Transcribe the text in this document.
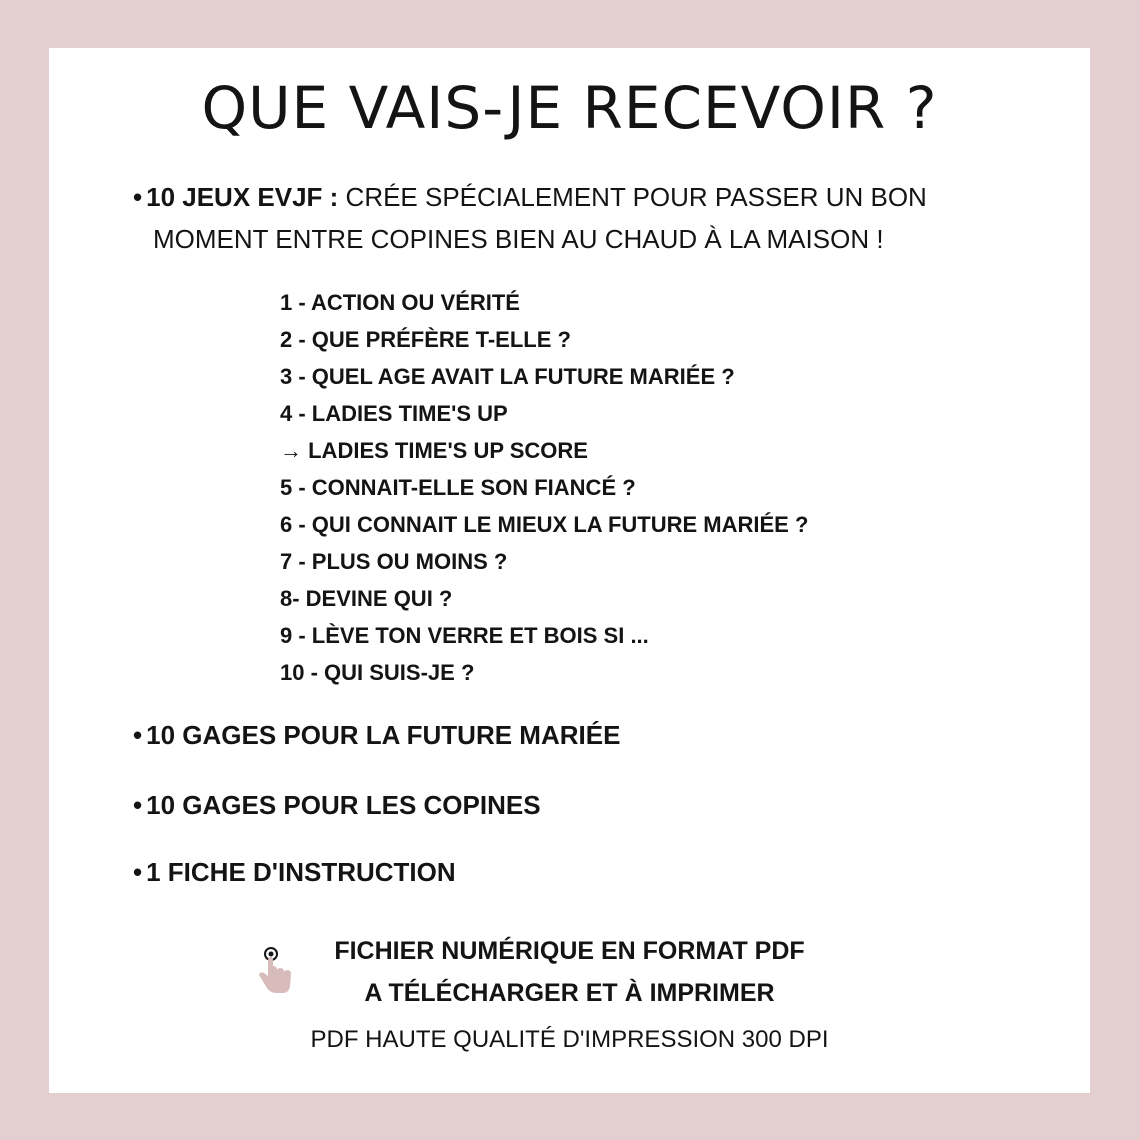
QUE VAIS-JE RECEVOIR ?
• 10 JEUX EVJF : CRÉE SPÉCIALEMENT POUR PASSER UN BON
MOMENT ENTRE COPINES BIEN AU CHAUD À LA MAISON !
1 - ACTION OU VÉRITÉ
2 - QUE PRÉFÈRE T-ELLE ?
3 - QUEL AGE AVAIT LA FUTURE MARIÉE ?
4 - LADIES TIME'S UP
→ LADIES TIME'S UP SCORE
5 - CONNAIT-ELLE SON FIANCÉ ?
6 - QUI CONNAIT LE MIEUX LA FUTURE MARIÉE ?
7 - PLUS OU MOINS ?
8- DEVINE QUI ?
9 - LÈVE TON VERRE ET BOIS SI ...
10 - QUI SUIS-JE ?
• 10 GAGES POUR LA FUTURE MARIÉE
• 10 GAGES POUR LES COPINES
• 1 FICHE D'INSTRUCTION
FICHIER NUMÉRIQUE EN FORMAT PDF
A TÉLÉCHARGER ET À IMPRIMER
PDF HAUTE QUALITÉ D'IMPRESSION 300 DPI
